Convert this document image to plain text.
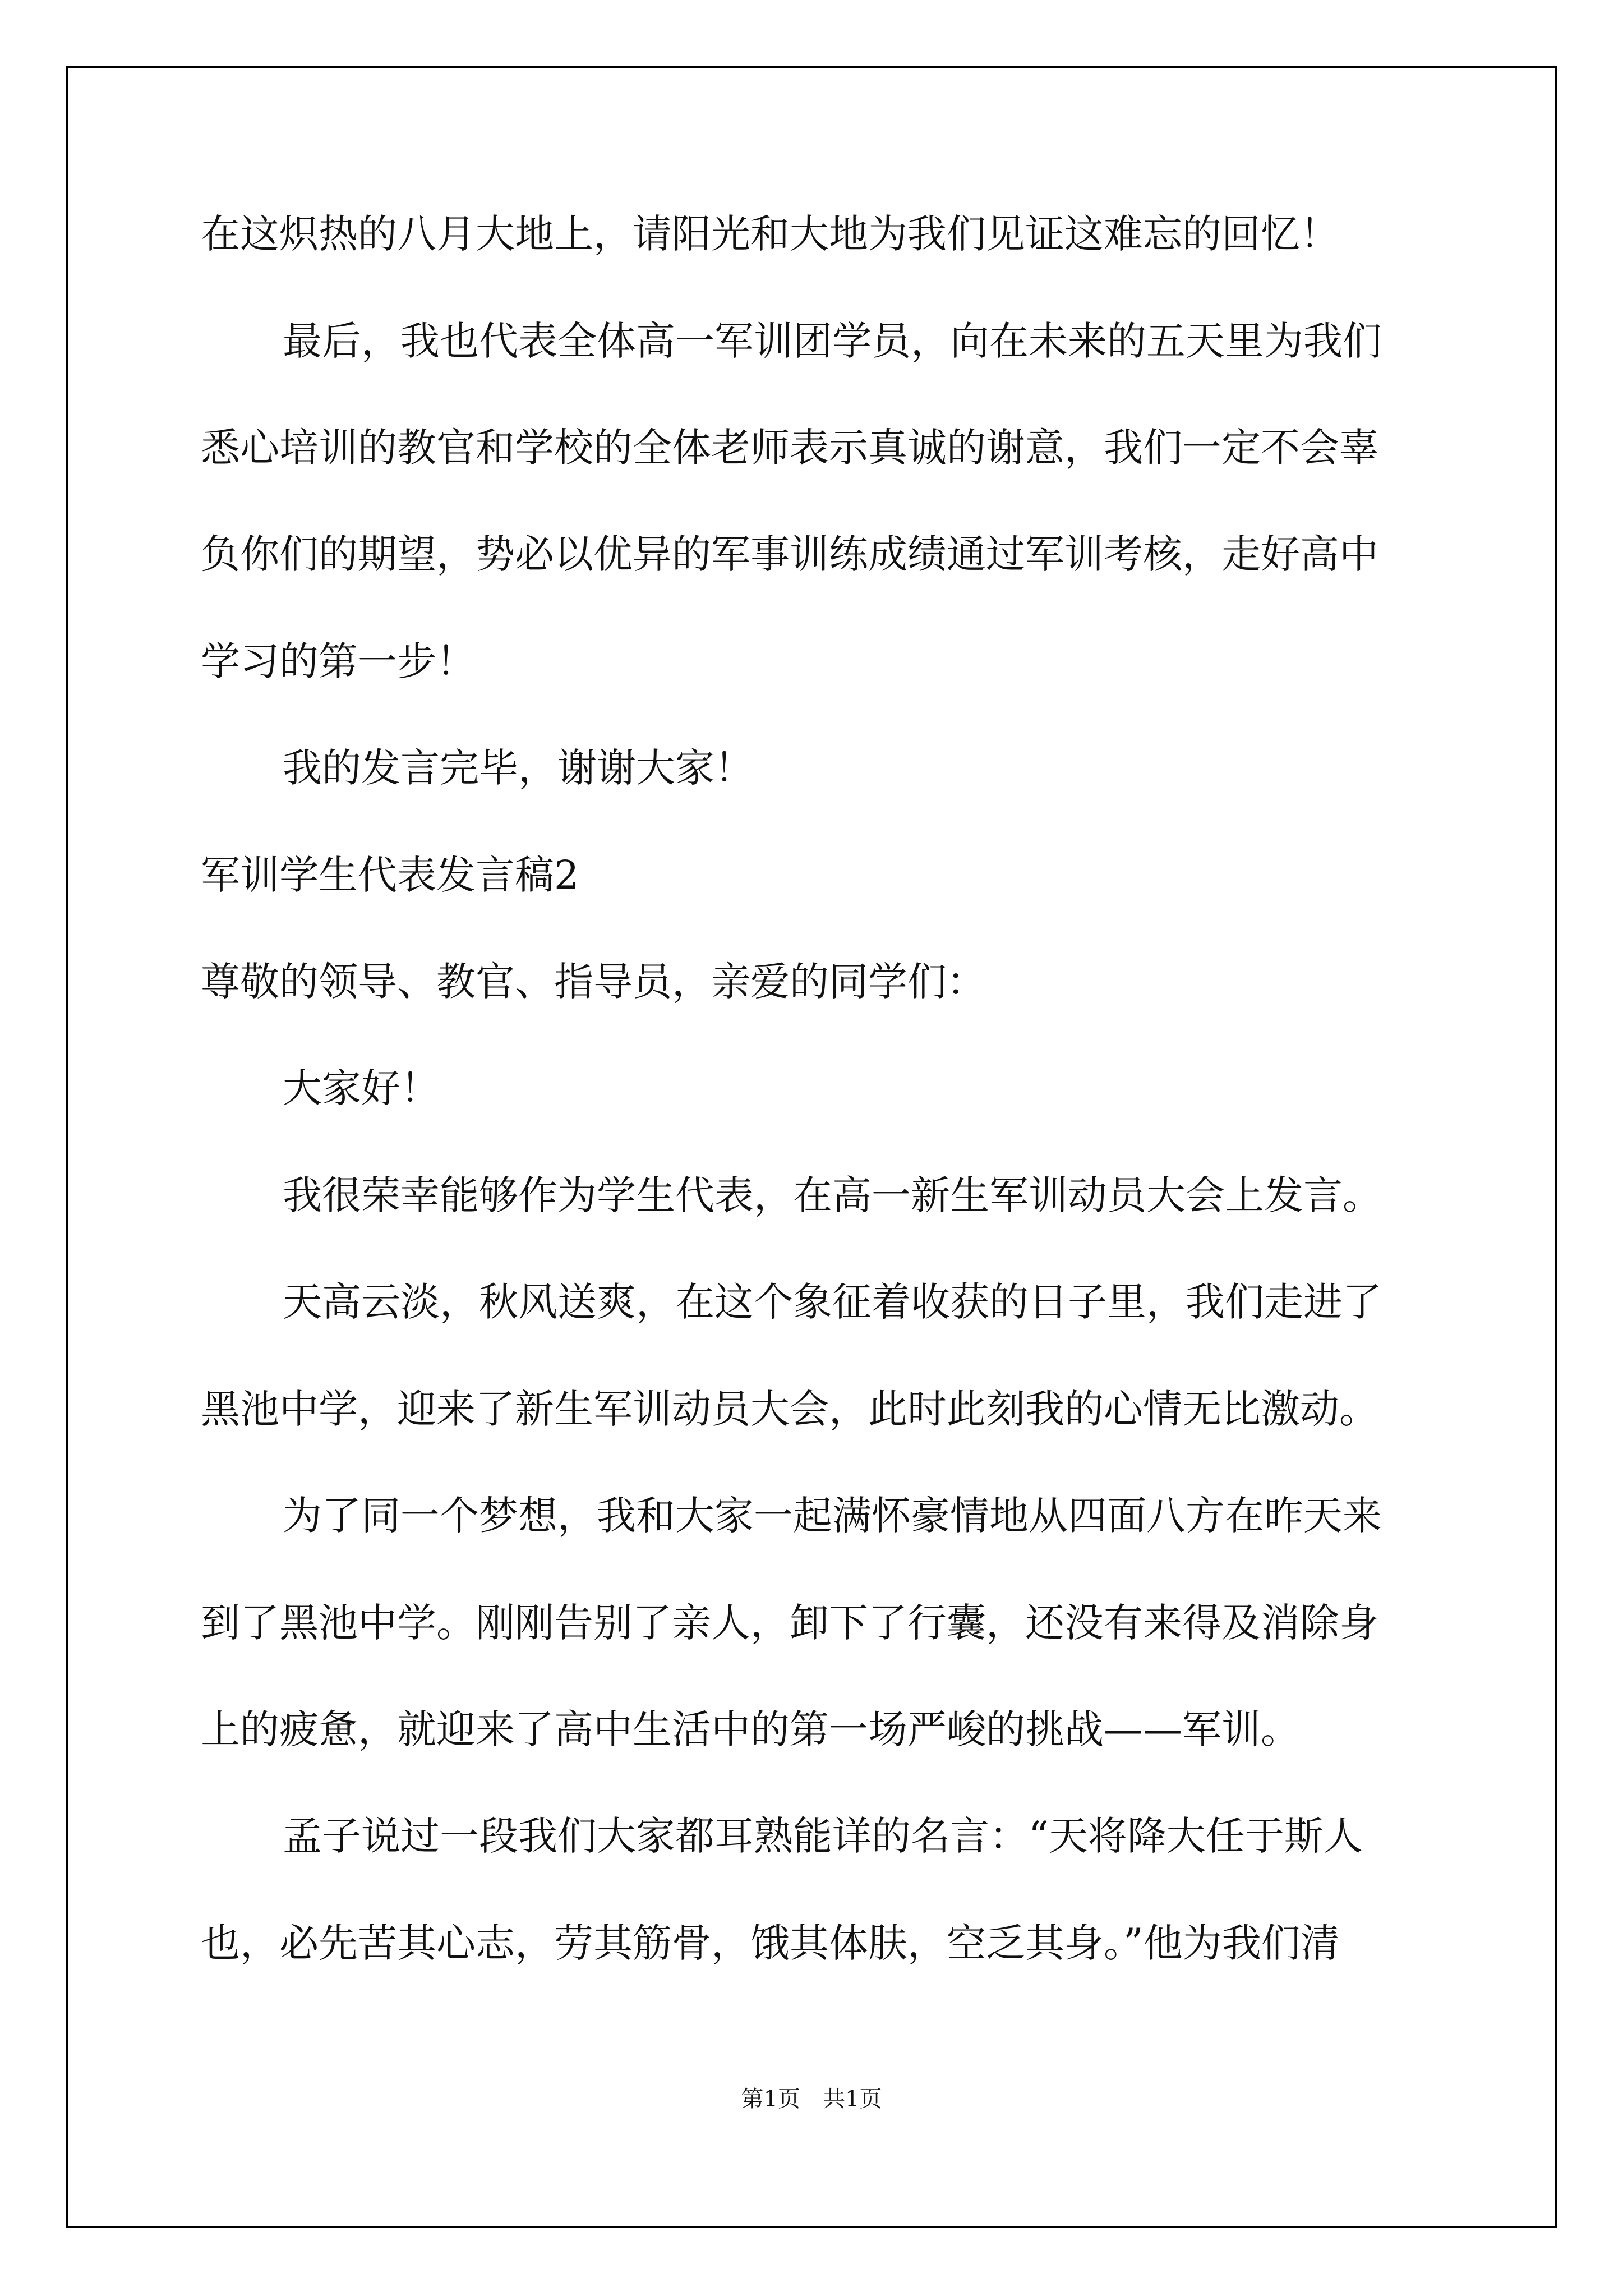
在这炽热的八月大地上，请阳光和大地为我们见证这难忘的回忆！
最后，我也代表全体高一军训团学员，向在未来的五天里为我们
悉心培训的教官和学校的全体老师表示真诚的谢意，我们一定不会辜
负你们的期望，势必以优异的军事训练成绩通过军训考核，走好高中
学习的第一步！
我的发言完毕，谢谢大家！
军训学生代表发言稿2
尊敬的领导、教官、指导员，亲爱的同学们：
大家好！
我很荣幸能够作为学生代表，在高一新生军训动员大会上发言。
天高云淡，秋风送爽，在这个象征着收获的日子里，我们走进了
黑池中学，迎来了新生军训动员大会，此时此刻我的心情无比激动。
为了同一个梦想，我和大家一起满怀豪情地从四面八方在昨天来
到了黑池中学。刚刚告别了亲人，卸下了行囊，还没有来得及消除身
上的疲惫，就迎来了高中生活中的第一场严峻的挑战——军训。
孟子说过一段我们大家都耳熟能详的名言：“天将降大任于斯人
也，必先苦其心志，劳其筋骨，饿其体肤，空乏其身。”他为我们清
第1页　共1页
